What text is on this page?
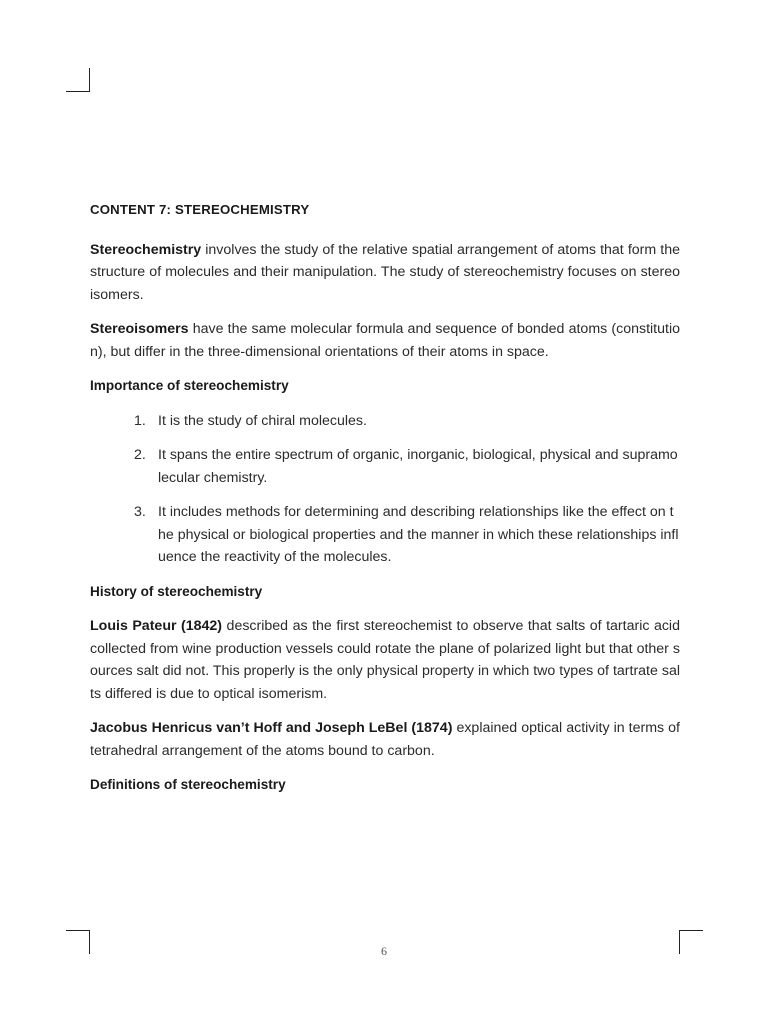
CONTENT 7: STEREOCHEMISTRY

Stereochemistry involves the study of the relative spatial arrangement of atoms that form the structure of molecules and their manipulation. The study of stereochemistry focuses on stereoisomers.

Stereoisomers have the same molecular formula and sequence of bonded atoms (constitution), but differ in the three-dimensional orientations of their atoms in space.

Importance of stereochemistry
1. It is the study of chiral molecules.
2. It spans the entire spectrum of organic, inorganic, biological, physical and supramolecular chemistry.
3. It includes methods for determining and describing relationships like the effect on the physical or biological properties and the manner in which these relationships influence the reactivity of the molecules.
History of stereochemistry

Louis Pateur (1842) described as the first stereochemist to observe that salts of tartaric acid collected from wine production vessels could rotate the plane of polarized light but that other sources salt did not. This properly is the only physical property in which two types of tartrate salts differed is due to optical isomerism.

Jacobus Henricus van’t Hoff and Joseph LeBel (1874) explained optical activity in terms of tetrahedral arrangement of the atoms bound to carbon.

Definitions of stereochemistry
6
